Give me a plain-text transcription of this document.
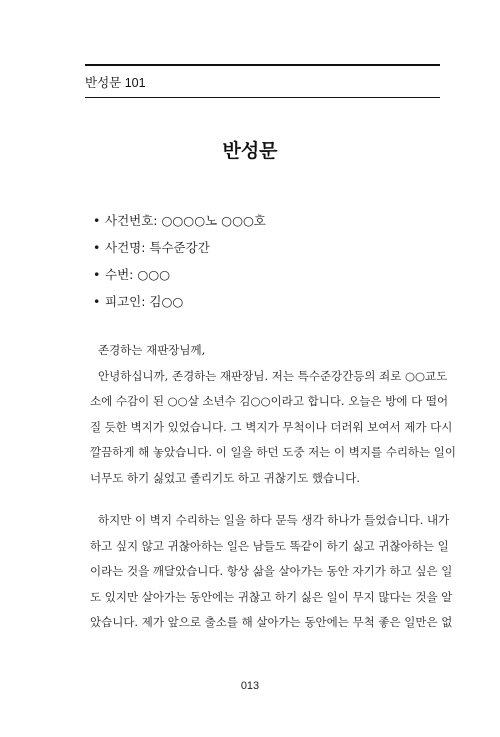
반성문 101
반성문
• 사건번호: ○○○○노 ○○○호
• 사건명: 특수준강간
• 수번: ○○○
• 피고인: 김○○

존경하는 재판장님께,

안녕하십니까, 존경하는 재판장님. 저는 특수준강간등의 죄로 ○○교도
소에 수감이 된 ○○살 소년수 김○○이라고 합니다. 오늘은 방에 다 떨어
질 듯한 벽지가 있었습니다. 그 벽지가 무척이나 더러워 보여서 제가 다시
깔끔하게 해 놓았습니다. 이 일을 하던 도중 저는 이 벽지를 수리하는 일이
너무도 하기 싫었고 졸리기도 하고 귀찮기도 했습니다.

하지만 이 벽지 수리하는 일을 하다 문득 생각 하나가 들었습니다. 내가
하고 싶지 않고 귀찮아하는 일은 남들도 똑같이 하기 싫고 귀찮아하는 일
이라는 것을 깨달았습니다. 항상 삶을 살아가는 동안 자기가 하고 싶은 일
도 있지만 살아가는 동안에는 귀찮고 하기 싫은 일이 무지 많다는 것을 알
았습니다. 제가 앞으로 출소를 해 살아가는 동안에는 무척 좋은 일만은 없

013
